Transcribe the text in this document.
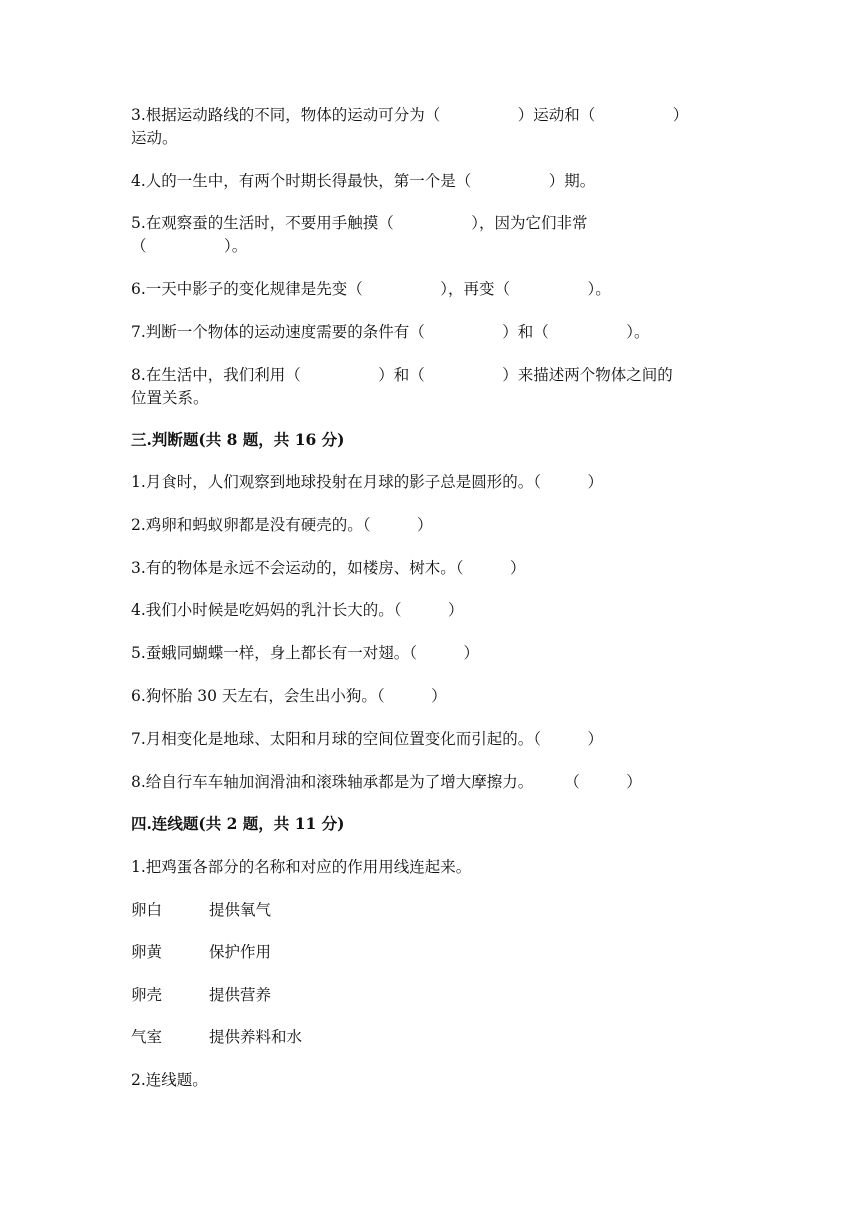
3.根据运动路线的不同，物体的运动可分为（　　　　　）运动和（　　　　　）
运动。
4.人的一生中，有两个时期长得最快，第一个是（　　　　　）期。
5.在观察蚕的生活时，不要用手触摸（　　　　　），因为它们非常
（　　　　　）。
6.一天中影子的变化规律是先变（　　　　　），再变（　　　　　）。
7.判断一个物体的运动速度需要的条件有（　　　　　）和（　　　　　）。
8.在生活中，我们利用（　　　　　）和（　　　　　）来描述两个物体之间的
位置关系。
三.判断题(共 8 题，共 16 分)
1.月食时，人们观察到地球投射在月球的影子总是圆形的。（　　　）
2.鸡卵和蚂蚁卵都是没有硬壳的。（　　　）
3.有的物体是永远不会运动的，如楼房、树木。（　　　）
4.我们小时候是吃妈妈的乳汁长大的。（　　　）
5.蚕蛾同蝴蝶一样，身上都长有一对翅。（　　　）
6.狗怀胎 30 天左右，会生出小狗。（　　　）
7.月相变化是地球、太阳和月球的空间位置变化而引起的。（　　　）
8.给自行车车轴加润滑油和滚珠轴承都是为了增大摩擦力。　　　（　　　）
四.连线题(共 2 题，共 11 分)
1.把鸡蛋各部分的名称和对应的作用用线连起来。
卵白	提供氧气
卵黄	保护作用
卵壳	提供营养
气室	提供养料和水
2.连线题。
